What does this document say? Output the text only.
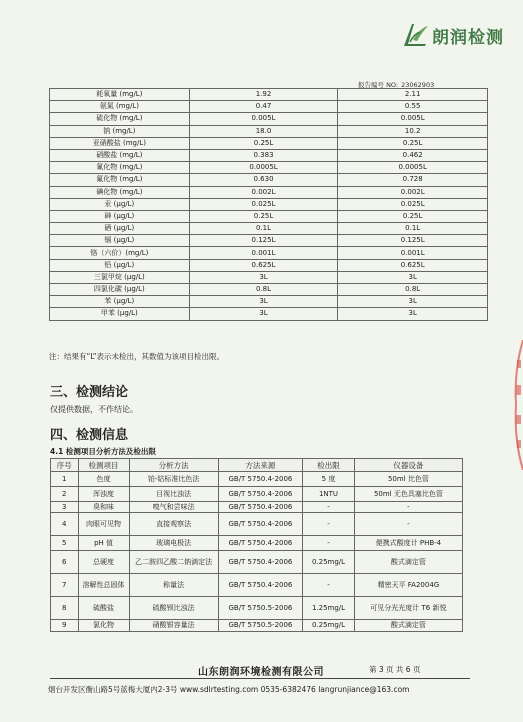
朗润检测
报告编号 NO: 23062903
耗氧量 (mg/L)	1.92	2.11
氨氮 (mg/L)	0.47	0.55
硫化物 (mg/L)	0.005L	0.005L
钠 (mg/L)	18.0	10.2
亚硝酸盐 (mg/L)	0.25L	0.25L
硝酸盐 (mg/L)	0.383	0.462
氰化物 (mg/L)	0.0005L	0.0005L
氟化物 (mg/L)	0.630	0.728
碘化物 (mg/L)	0.002L	0.002L
汞 (μg/L)	0.025L	0.025L
砷 (μg/L)	0.25L	0.25L
硒 (μg/L)	0.1L	0.1L
镉 (μg/L)	0.125L	0.125L
铬（六价）(mg/L)	0.001L	0.001L
铅 (μg/L)	0.625L	0.625L
三氯甲烷 (μg/L)	3L	3L
四氯化碳 (μg/L)	0.8L	0.8L
苯 (μg/L)	3L	3L
甲苯 (μg/L)	3L	3L
注：结果有“L”表示未检出，其数值为该项目检出限。
三、检测结论
仅提供数据，不作结论。
四、检测信息
4.1 检测项目分析方法及检出限
序号	检测项目	分析方法	方法来源	检出限	仪器设备
1	色度	铂-钴标准比色法	GB/T 5750.4-2006	5 度	50ml 比色管
2	浑浊度	目视比浊法	GB/T 5750.4-2006	1NTU	50ml 无色具塞比色管
3	臭和味	嗅气和尝味法	GB/T 5750.4-2006	-	-
4	肉眼可见物	直接观察法	GB/T 5750.4-2006	-	-
5	pH 值	玻璃电极法	GB/T 5750.4-2006	-	便携式酸度计 PHB-4
6	总硬度	乙二胺四乙酸二钠滴定法	GB/T 5750.4-2006	0.25mg/L	酸式滴定管
7	溶解性总固体	称量法	GB/T 5750.4-2006	-	精密天平 FA2004G
8	硫酸盐	硫酸钡比浊法	GB/T 5750.5-2006	1.25mg/L	可见分光光度计 T6 新悦
9	氯化物	硝酸银容量法	GB/T 5750.5-2006	0.25mg/L	酸式滴定管
山东朗润环境检测有限公司	第 3 页 共 6 页
烟台开发区衡山路5号蓝梅大厦内2-3号 www.sdlrtesting.com 0535-6382476 langrunjiance@163.com
